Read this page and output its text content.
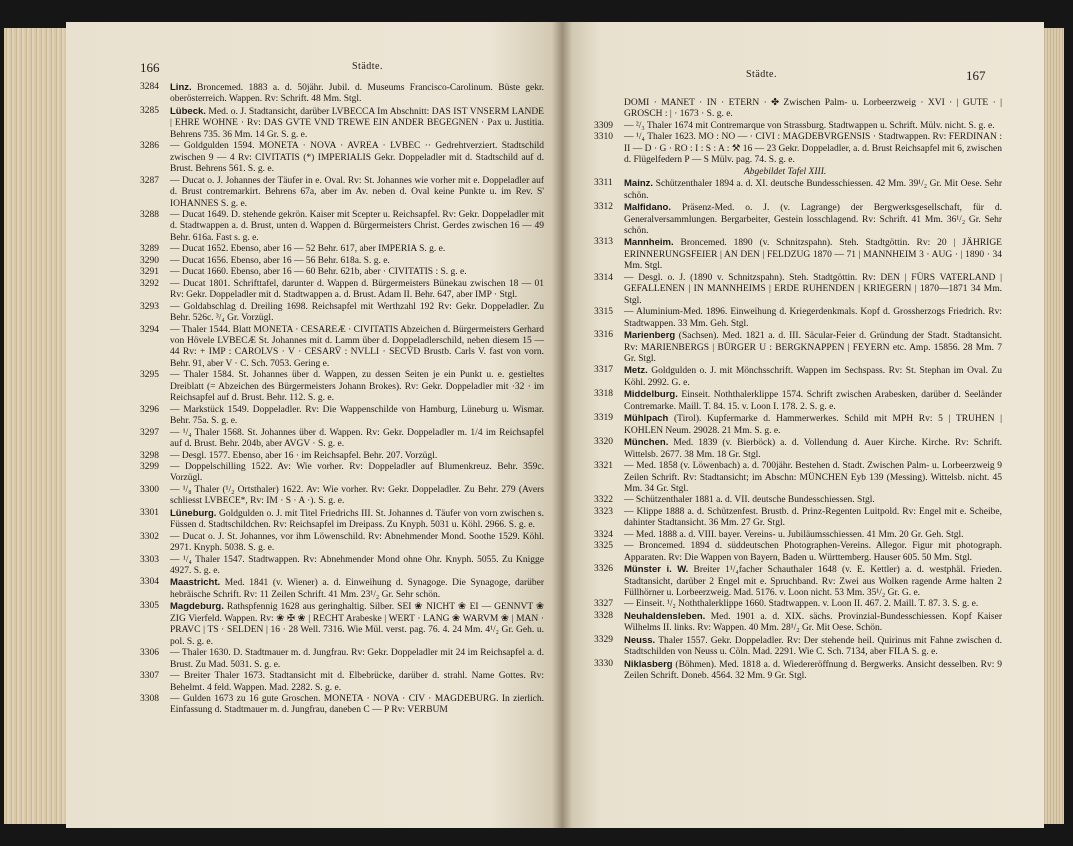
166	Städte.
3284 Linz. Broncemed. 1883 a. d. 50jähr. Jubil. d. Museums Francisco-Carolinum. Büste gekr. oberösterreich. Wappen. Rv: Schrift. 48 Mm. Stgl.
3285 Lübeck. Med. o. J. Stadtansicht, darüber LVBECCA Im Abschnitt: DAS IST VNSERM LANDE | EHRE WOHNE · Rv: DAS GVTE VND TREWE EIN ANDER BEGEGNEN · Pax u. Justitia. Behrens 735. 36 Mm. 14 Gr. S. g. e.
3286 — Goldgulden 1594. MONETA · NOVA · AVREA · LVBEC ·· Gedrehtverziert. Stadtschild zwischen 9 — 4 Rv: CIVITATIS (*) IMPERIALIS Gekr. Doppeladler mit d. Stadtschild auf d. Brust. Behrens 561. S. g. e.
3287 — Ducat o. J. Johannes der Täufer in e. Oval. Rv: St. Johannes wie vorher mit e. Doppeladler auf d. Brust contremarkirt. Behrens 67a, aber im Av. neben d. Oval keine Punkte u. im Rev. S' IOHANNES S. g. e.
3288 — Ducat 1649. D. stehende gekrön. Kaiser mit Scepter u. Reichsapfel. Rv: Gekr. Doppeladler mit d. Stadtwappen a. d. Brust, unten d. Wappen d. Bürgermeisters Christ. Gerdes zwischen 16 — 49 Behr. 616a. Fast s. g. e.
3289 — Ducat 1652. Ebenso, aber 16 — 52 Behr. 617, aber IMPERIA S. g. e.
3290 — Ducat 1656. Ebenso, aber 16 — 56 Behr. 618a. S. g. e.
3291 — Ducat 1660. Ebenso, aber 16 — 60 Behr. 621b, aber · CIVITATIS : S. g. e.
3292 — Ducat 1801. Schrifttafel, darunter d. Wappen d. Bürgermeisters Bünekau zwischen 18 — 01 Rv: Gekr. Doppeladler mit d. Stadtwappen a. d. Brust. Adam II. Behr. 647, aber IMP · Stgl.
3293 — Goldabschlag d. Dreiling 1698. Reichsapfel mit Werthzahl 192 Rv: Gekr. Doppeladler. Zu Behr. 526c. ³/₄ Gr. Vorzügl.
3294 — Thaler 1544. Blatt MONETA · CESAREÆ · CIVITATIS Abzeichen d. Bürgermeisters Gerhard von Hövele LVBECÆ St. Johannes mit d. Lamm über d. Doppeladlerschild, neben diesem 15 — 44 Rv: + IMP : CAROLVS · V · CESARV̄ : NVLLI · SECV̄D Brustb. Carls V. fast von vorn. Behr. 91, aber V · C. Sch. 7053. Gering e.
3295 — Thaler 1584. St. Johannes über d. Wappen, zu dessen Seiten je ein Punkt u. e. gestieltes Dreiblatt (= Abzeichen des Bürgermeisters Johann Brokes). Rv: Gekr. Doppeladler mit ·32 · im Reichsapfel auf d. Brust. Behr. 112. S. g. e.
3296 — Markstück 1549. Doppeladler. Rv: Die Wappenschilde von Hamburg, Lüneburg u. Wismar. Behr. 75a. S. g. e.
3297 — ¹/₄ Thaler 1568. St. Johannes über d. Wappen. Rv: Gekr. Doppeladler m. 1/4 im Reichsapfel auf d. Brust. Behr. 204b, aber AVGV · S. g. e.
3298 — Desgl. 1577. Ebenso, aber 16 · im Reichsapfel. Behr. 207. Vorzügl.
3299 — Doppelschilling 1522. Av: Wie vorher. Rv: Doppeladler auf Blumenkreuz. Behr. 359c. Vorzügl.
3300 — ¹/₈ Thaler (¹/₂ Ortsthaler) 1622. Av: Wie vorher. Rv: Gekr. Doppeladler. Zu Behr. 279 (Avers schliesst LVBECE*, Rv: IM · S · A ·). S. g. e.
3301 Lüneburg. Goldgulden o. J. mit Titel Friedrichs III. St. Johannes d. Täufer von vorn zwischen s. Füssen d. Stadtschildchen. Rv: Reichsapfel im Dreipass. Zu Knyph. 5031 u. Köhl. 2966. S. g. e.
3302 — Ducat o. J. St. Johannes, vor ihm Löwenschild. Rv: Abnehmender Mond. Soothe 1529. Köhl. 2971. Knyph. 5038. S. g. e.
3303 — ¹/₄ Thaler 1547. Stadtwappen. Rv: Abnehmender Mond ohne Ohr. Knyph. 5055. Zu Knigge 4927. S. g. e.
3304 Maastricht. Med. 1841 (v. Wiener) a. d. Einweihung d. Synagoge. Die Synagoge, darüber hebräische Schrift. Rv: 11 Zeilen Schrift. 41 Mm. 23¹/₂ Gr. Sehr schön.
3305 Magdeburg. Rathspfennig 1628 aus geringhaltig. Silber. SEI ❀ NICHT ❀ EI — GENNVT ❀ ZIG Vierfeld. Wappen. Rv: ❀ ✠ ❀ | RECHT Arabeske | WERT · LANG ❀ WARVM ❀ | MAN · PRAVC | TS · SELDEN | 16 · 28 Well. 7316. Wie Mül. verst. pag. 76. 4. 24 Mm. 4¹/₂ Gr. Geh. u. pol. S. g. e.
3306 — Thaler 1630. D. Stadtmauer m. d. Jungfrau. Rv: Gekr. Doppeladler mit 24 im Reichsapfel a. d. Brust. Zu Mad. 5031. S. g. e.
3307 — Breiter Thaler 1673. Stadtansicht mit d. Elbebrücke, darüber d. strahl. Name Gottes. Rv: Behelmt. 4 feld. Wappen. Mad. 2282. S. g. e.
3308 — Gulden 1673 zu 16 gute Groschen. MONETA · NOVA · CIV · MAGDEBURG. In zierlich. Einfassung d. Stadtmauer m. d. Jungfrau, daneben C — P Rv: VERBUM
Städte.	167
DOMI · MANET · IN · ETERN · ✤ Zwischen Palm- u. Lorbeerzweig · XVI · | GUTE · | GROSCH : | · 1673 · S. g. e.
3309 — ²/₃ Thaler 1674 mit Contremarque von Strassburg. Stadtwappen u. Schrift. Mülv. nicht. S. g. e.
3310 — ¹/₄ Thaler 1623. MO : NO — · CIVI : MAGDEBVRGENSIS · Stadtwappen. Rv: FERDINAN : II — D · G · RO : I : S : A : ⚒ 16 — 23 Gekr. Doppeladler, a. d. Brust Reichsapfel mit 6, zwischen d. Flügelfedern P — S Mülv. pag. 74. S. g. e.
Abgebildet Tafel XIII.
3311 Mainz. Schützenthaler 1894 a. d. XI. deutsche Bundesschiessen. 42 Mm. 39¹/₂ Gr. Mit Oese. Sehr schön.
3312 Malfidano. Präsenz-Med. o. J. (v. Lagrange) der Bergwerksgesellschaft, für d. Generalversammlungen. Bergarbeiter, Gestein losschlagend. Rv: Schrift. 41 Mm. 36¹/₂ Gr. Sehr schön.
3313 Mannheim. Broncemed. 1890 (v. Schnitzspahn). Steh. Stadtgöttin. Rv: 20 | JÄHRIGE ERINNERUNGSFEIER | AN DEN | FELDZUG 1870 — 71 | MANNHEIM 3 · AUG · | 1890 · 34 Mm. Stgl.
3314 — Desgl. o. J. (1890 v. Schnitzspahn). Steh. Stadtgöttin. Rv: DEN | FÜRS VATERLAND | GEFALLENEN | IN MANNHEIMS | ERDE RUHENDEN | KRIEGERN | 1870—1871 34 Mm. Stgl.
3315 — Aluminium-Med. 1896. Einweihung d. Kriegerdenkmals. Kopf d. Grossherzogs Friedrich. Rv: Stadtwappen. 33 Mm. Geh. Stgl.
3316 Marienberg (Sachsen). Med. 1821 a. d. III. Säcular-Feier d. Gründung der Stadt. Stadtansicht. Rv: MARIENBERGS | BÜRGER U : BERGKNAPPEN | FEYERN etc. Amp. 15856. 28 Mm. 7 Gr. Stgl.
3317 Metz. Goldgulden o. J. mit Mönchsschrift. Wappen im Sechspass. Rv: St. Stephan im Oval. Zu Köhl. 2992. G. e.
3318 Middelburg. Einseit. Noththalerklippe 1574. Schrift zwischen Arabesken, darüber d. Seeländer Contremarke. Maill. T. 84. 15. v. Loon I. 178. 2. S. g. e.
3319 Mühlpach (Tirol). Kupfermarke d. Hammerwerkes. Schild mit MPH Rv: 5 | TRUHEN | KOHLEN Neum. 29028. 21 Mm. S. g. e.
3320 München. Med. 1839 (v. Bierböck) a. d. Vollendung d. Auer Kirche. Kirche. Rv: Schrift. Wittelsb. 2677. 38 Mm. 18 Gr. Stgl.
3321 — Med. 1858 (v. Löwenbach) a. d. 700jähr. Bestehen d. Stadt. Zwischen Palm- u. Lorbeerzweig 9 Zeilen Schrift. Rv: Stadtansicht; im Abschn: MÜNCHEN Eyb 139 (Messing). Wittelsb. nicht. 45 Mm. 34 Gr. Stgl.
3322 — Schützenthaler 1881 a. d. VII. deutsche Bundesschiessen. Stgl.
3323 — Klippe 1888 a. d. Schützenfest. Brustb. d. Prinz-Regenten Luitpold. Rv: Engel mit e. Scheibe, dahinter Stadtansicht. 36 Mm. 27 Gr. Stgl.
3324 — Med. 1888 a. d. VIII. bayer. Vereins- u. Jubiläumsschiessen. 41 Mm. 20 Gr. Geh. Stgl.
3325 — Broncemed. 1894 d. süddeutschen Photographen-Vereins. Allegor. Figur mit photograph. Apparaten. Rv: Die Wappen von Bayern, Baden u. Württemberg. Hauser 605. 50 Mm. Stgl.
3326 Münster i. W. Breiter 1¹/₄facher Schauthaler 1648 (v. E. Kettler) a. d. westphäl. Frieden. Stadtansicht, darüber 2 Engel mit e. Spruchband. Rv: Zwei aus Wolken ragende Arme halten 2 Füllhörner u. Lorbeerzweig. Mad. 5176. v. Loon nicht. 53 Mm. 35¹/₂ Gr. G. e.
3327 — Einseit. ¹/₂ Noththalerklippe 1660. Stadtwappen. v. Loon II. 467. 2. Maill. T. 87. 3. S. g. e.
3328 Neuhaldensleben. Med. 1901 a. d. XIX. sächs. Provinzial-Bundesschiessen. Kopf Kaiser Wilhelms II. links. Rv: Wappen. 40 Mm. 28¹/₂ Gr. Mit Oese. Schön.
3329 Neuss. Thaler 1557. Gekr. Doppeladler. Rv: Der stehende heil. Quirinus mit Fahne zwischen d. Stadtschilden von Neuss u. Cöln. Mad. 2291. Wie C. Sch. 7134, aber FILA S. g. e.
3330 Niklasberg (Böhmen). Med. 1818 a. d. Wiedereröffnung d. Bergwerks. Ansicht desselben. Rv: 9 Zeilen Schrift. Doneb. 4564. 32 Mm. 9 Gr. Stgl.
